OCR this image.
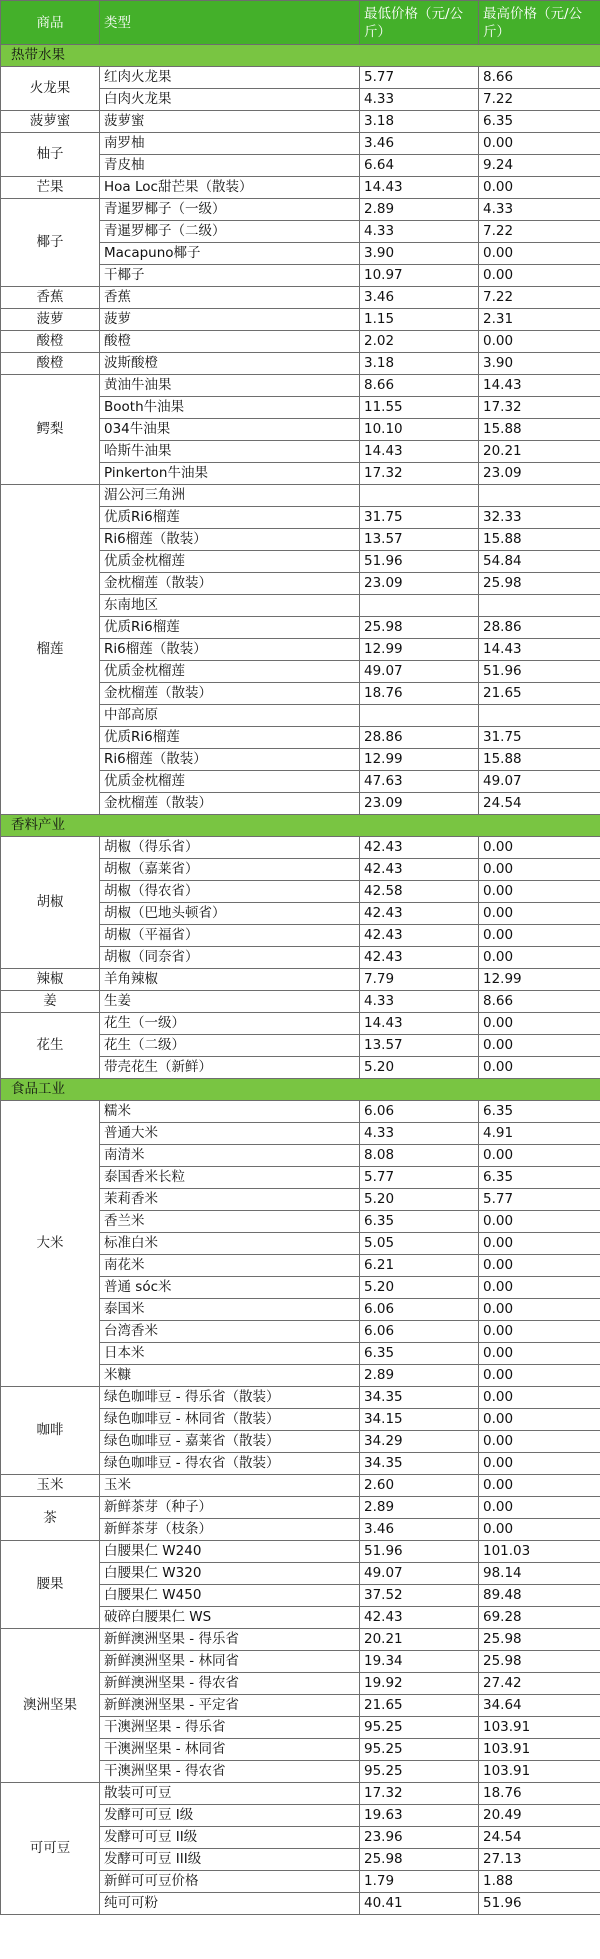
商品	类型	最低价格（元/公斤）	最高价格（元/公斤）
热带水果			
火龙果	红肉火龙果	5.77	8.66
	白肉火龙果	4.33	7.22
菠萝蜜	菠萝蜜	3.18	6.35
柚子	南罗柚	3.46	0.00
	青皮柚	6.64	9.24
芒果	Hoa Loc甜芒果（散装）	14.43	0.00
椰子	青暹罗椰子（一级）	2.89	4.33
	青暹罗椰子（二级）	4.33	7.22
	Macapuno椰子	3.90	0.00
	干椰子	10.97	0.00
香蕉	香蕉	3.46	7.22
菠萝	菠萝	1.15	2.31
酸橙	酸橙	2.02	0.00
酸橙	波斯酸橙	3.18	3.90
鳄梨	黄油牛油果	8.66	14.43
	Booth牛油果	11.55	17.32
	034牛油果	10.10	15.88
	哈斯牛油果	14.43	20.21
	Pinkerton牛油果	17.32	23.09
榴莲	湄公河三角洲		
	优质Ri6榴莲	31.75	32.33
	Ri6榴莲（散装）	13.57	15.88
	优质金枕榴莲	51.96	54.84
	金枕榴莲（散装）	23.09	25.98
	东南地区		
	优质Ri6榴莲	25.98	28.86
	Ri6榴莲（散装）	12.99	14.43
	优质金枕榴莲	49.07	51.96
	金枕榴莲（散装）	18.76	21.65
	中部高原		
	优质Ri6榴莲	28.86	31.75
	Ri6榴莲（散装）	12.99	15.88
	优质金枕榴莲	47.63	49.07
	金枕榴莲（散装）	23.09	24.54
香料产业			
胡椒	胡椒（得乐省）	42.43	0.00
	胡椒（嘉莱省）	42.43	0.00
	胡椒（得农省）	42.58	0.00
	胡椒（巴地头顿省）	42.43	0.00
	胡椒（平福省）	42.43	0.00
	胡椒（同奈省）	42.43	0.00
辣椒	羊角辣椒	7.79	12.99
姜	生姜	4.33	8.66
花生	花生（一级）	14.43	0.00
	花生（二级）	13.57	0.00
	带壳花生（新鲜）	5.20	0.00
食品工业			
大米	糯米	6.06	6.35
	普通大米	4.33	4.91
	南清米	8.08	0.00
	泰国香米长粒	5.77	6.35
	茉莉香米	5.20	5.77
	香兰米	6.35	0.00
	标准白米	5.05	0.00
	南花米	6.21	0.00
	普通 sóc米	5.20	0.00
	泰国米	6.06	0.00
	台湾香米	6.06	0.00
	日本米	6.35	0.00
	米糠	2.89	0.00
咖啡	绿色咖啡豆 - 得乐省（散装）	34.35	0.00
	绿色咖啡豆 - 林同省（散装）	34.15	0.00
	绿色咖啡豆 - 嘉莱省（散装）	34.29	0.00
	绿色咖啡豆 - 得农省（散装）	34.35	0.00
玉米	玉米	2.60	0.00
茶	新鲜茶芽（种子）	2.89	0.00
	新鲜茶芽（枝条）	3.46	0.00
腰果	白腰果仁 W240	51.96	101.03
	白腰果仁 W320	49.07	98.14
	白腰果仁 W450	37.52	89.48
	破碎白腰果仁 WS	42.43	69.28
澳洲坚果	新鲜澳洲坚果 - 得乐省	20.21	25.98
	新鲜澳洲坚果 - 林同省	19.34	25.98
	新鲜澳洲坚果 - 得农省	19.92	27.42
	新鲜澳洲坚果 - 平定省	21.65	34.64
	干澳洲坚果 - 得乐省	95.25	103.91
	干澳洲坚果 - 林同省	95.25	103.91
	干澳洲坚果 - 得农省	95.25	103.91
可可豆	散装可可豆	17.32	18.76
	发酵可可豆 I级	19.63	20.49
	发酵可可豆 II级	23.96	24.54
	发酵可可豆 III级	25.98	27.13
	新鲜可可豆价格	1.79	1.88
	纯可可粉	40.41	51.96
